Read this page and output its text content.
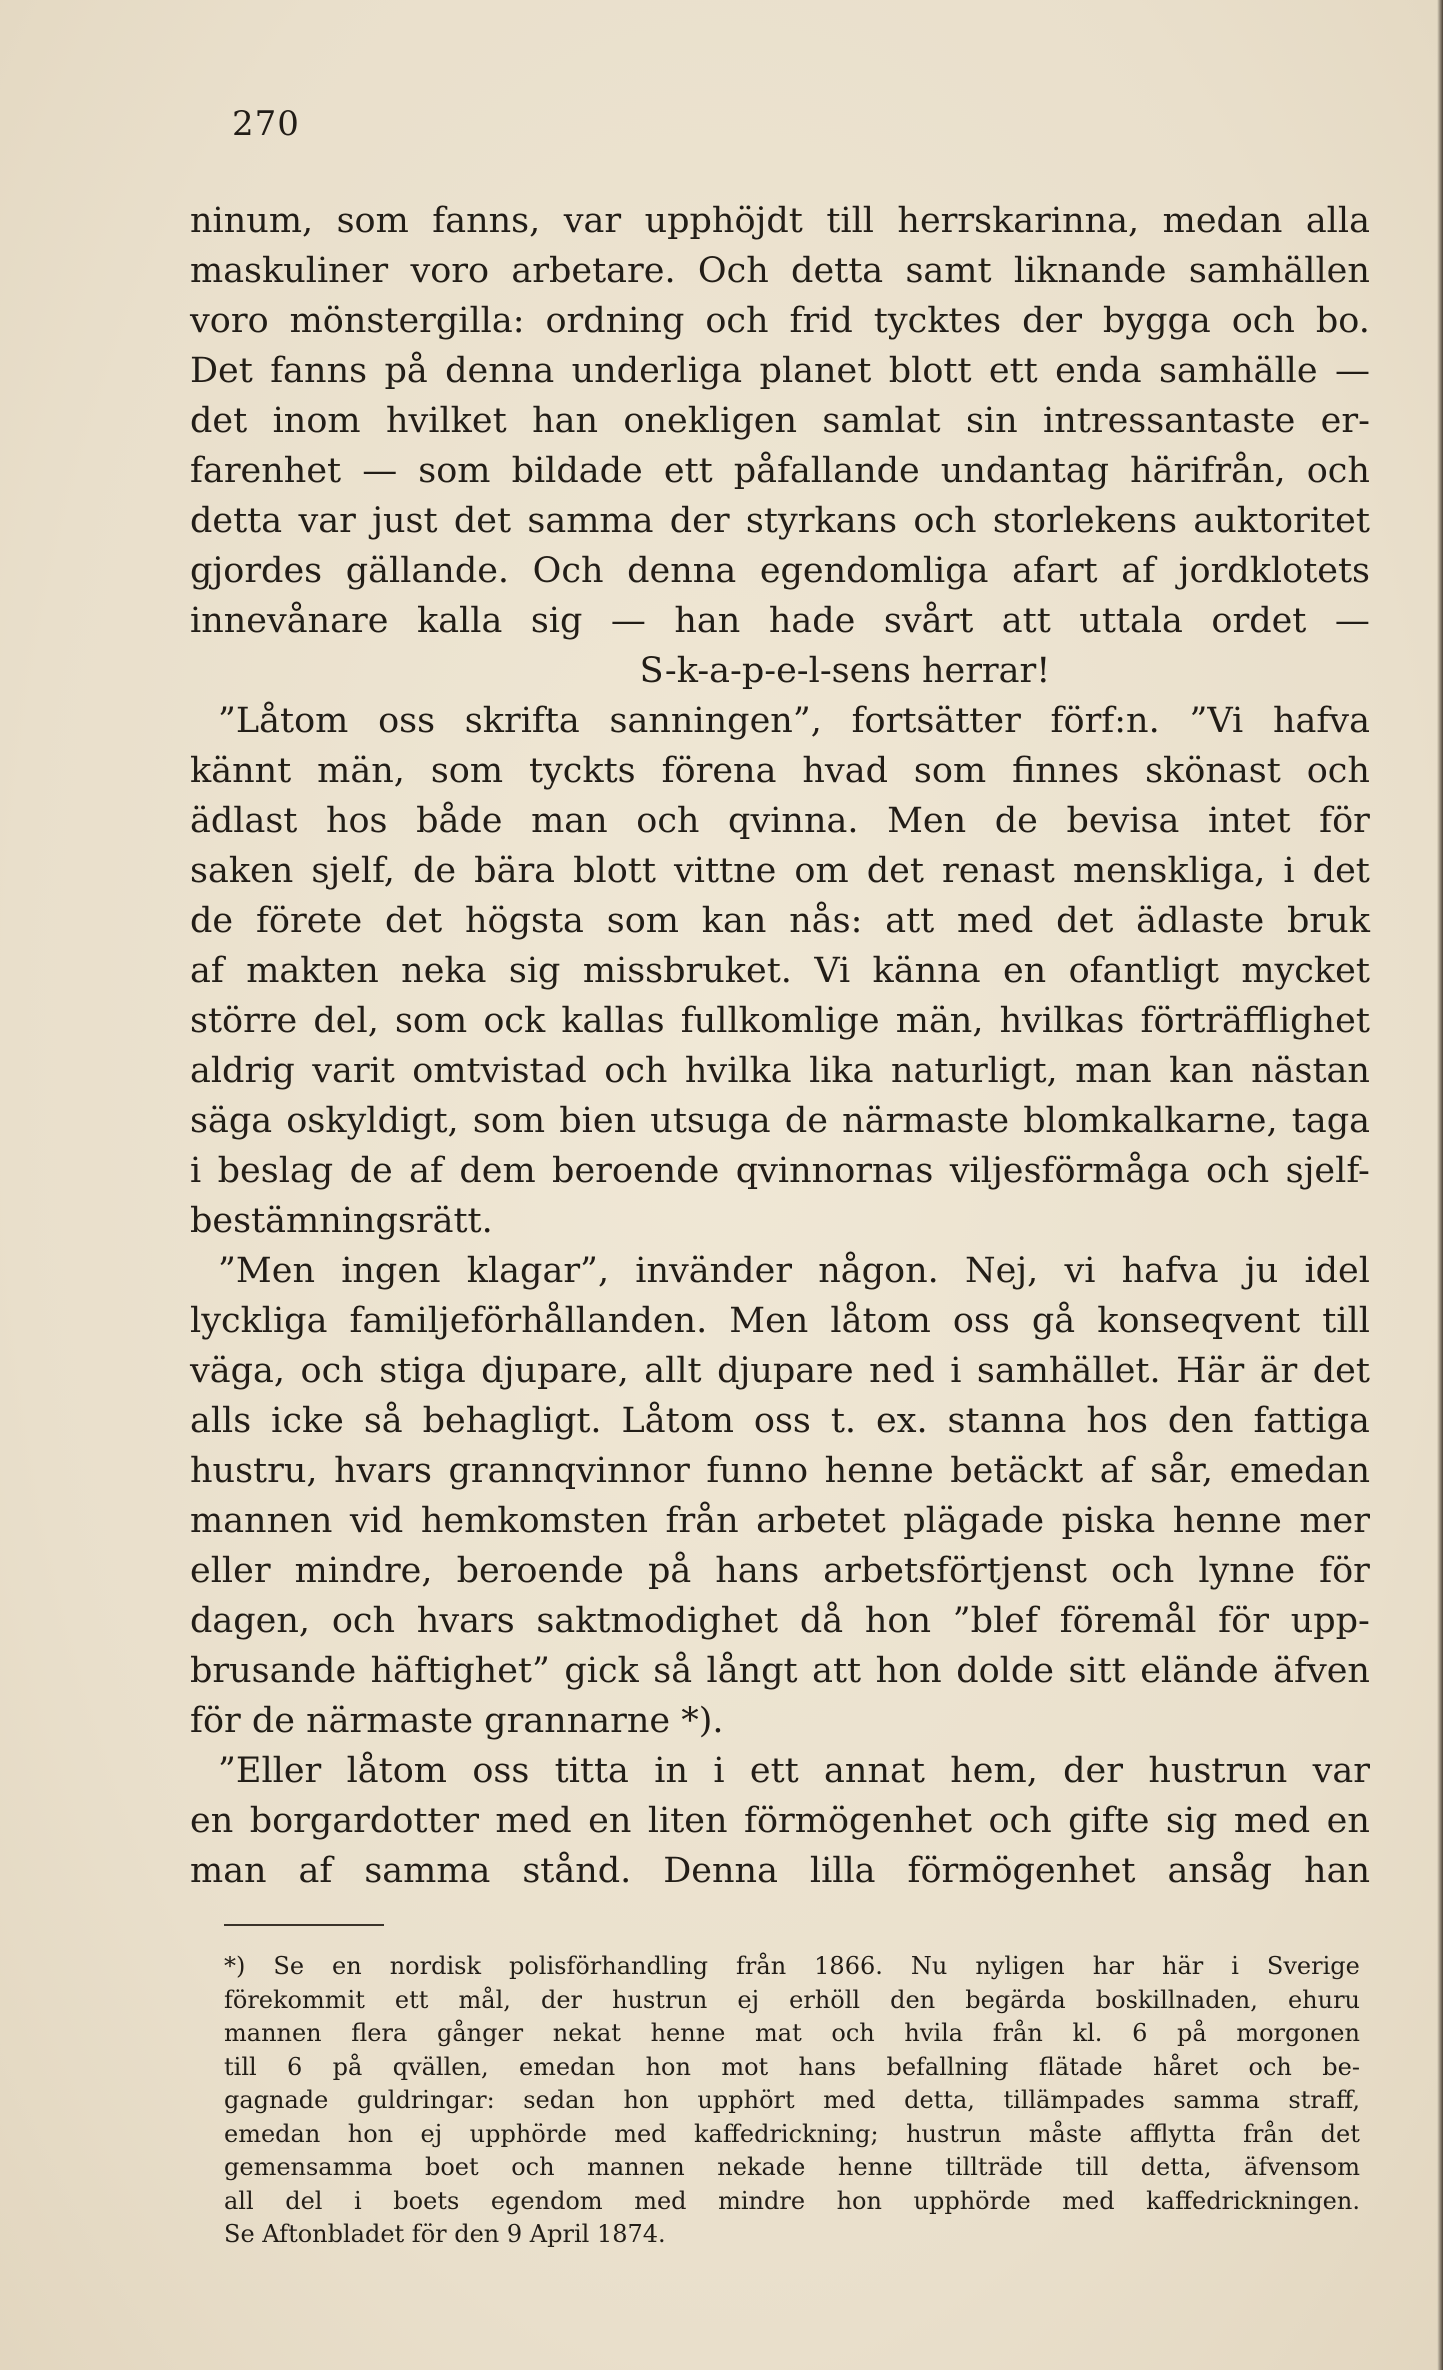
270
ninum, som fanns, var upphöjdt till herrskarinna, medan alla
maskuliner voro arbetare. Och detta samt liknande samhällen
voro mönstergilla: ordning och frid tycktes der bygga och bo.
Det fanns på denna underliga planet blott ett enda samhälle —
det inom hvilket han onekligen samlat sin intressantaste er-
farenhet — som bildade ett påfallande undantag härifrån, och
detta var just det samma der styrkans och storlekens auktoritet
gjordes gällande. Och denna egendomliga afart af jordklotets
innevånare kalla sig — han hade svårt att uttala ordet —
S-k-a-p-e-l-sens herrar!
”Låtom oss skrifta sanningen”, fortsätter förf:n. ”Vi hafva
kännt män, som tyckts förena hvad som finnes skönast och
ädlast hos både man och qvinna. Men de bevisa intet för
saken sjelf, de bära blott vittne om det renast menskliga, i det
de förete det högsta som kan nås: att med det ädlaste bruk
af makten neka sig missbruket. Vi känna en ofantligt mycket
större del, som ock kallas fullkomlige män, hvilkas förträfflighet
aldrig varit omtvistad och hvilka lika naturligt, man kan nästan
säga oskyldigt, som bien utsuga de närmaste blomkalkarne, taga
i beslag de af dem beroende qvinnornas viljesförmåga och sjelf-
bestämningsrätt.
”Men ingen klagar”, invänder någon. Nej, vi hafva ju idel
lyckliga familjeförhållanden. Men låtom oss gå konseqvent till
väga, och stiga djupare, allt djupare ned i samhället. Här är det
alls icke så behagligt. Låtom oss t. ex. stanna hos den fattiga
hustru, hvars grannqvinnor funno henne betäckt af sår, emedan
mannen vid hemkomsten från arbetet plägade piska henne mer
eller mindre, beroende på hans arbetsförtjenst och lynne för
dagen, och hvars saktmodighet då hon ”blef föremål för upp-
brusande häftighet” gick så långt att hon dolde sitt elände äfven
för de närmaste grannarne *).
”Eller låtom oss titta in i ett annat hem, der hustrun var
en borgardotter med en liten förmögenhet och gifte sig med en
man af samma stånd. Denna lilla förmögenhet ansåg han
*) Se en nordisk polisförhandling från 1866. Nu nyligen har här i Sverige
förekommit ett mål, der hustrun ej erhöll den begärda boskillnaden, ehuru
mannen flera gånger nekat henne mat och hvila från kl. 6 på morgonen
till 6 på qvällen, emedan hon mot hans befallning flätade håret och be-
gagnade guldringar: sedan hon upphört med detta, tillämpades samma straff,
emedan hon ej upphörde med kaffedrickning; hustrun måste afflytta från det
gemensamma boet och mannen nekade henne tillträde till detta, äfvensom
all del i boets egendom med mindre hon upphörde med kaffedrickningen.
Se Aftonbladet för den 9 April 1874.
